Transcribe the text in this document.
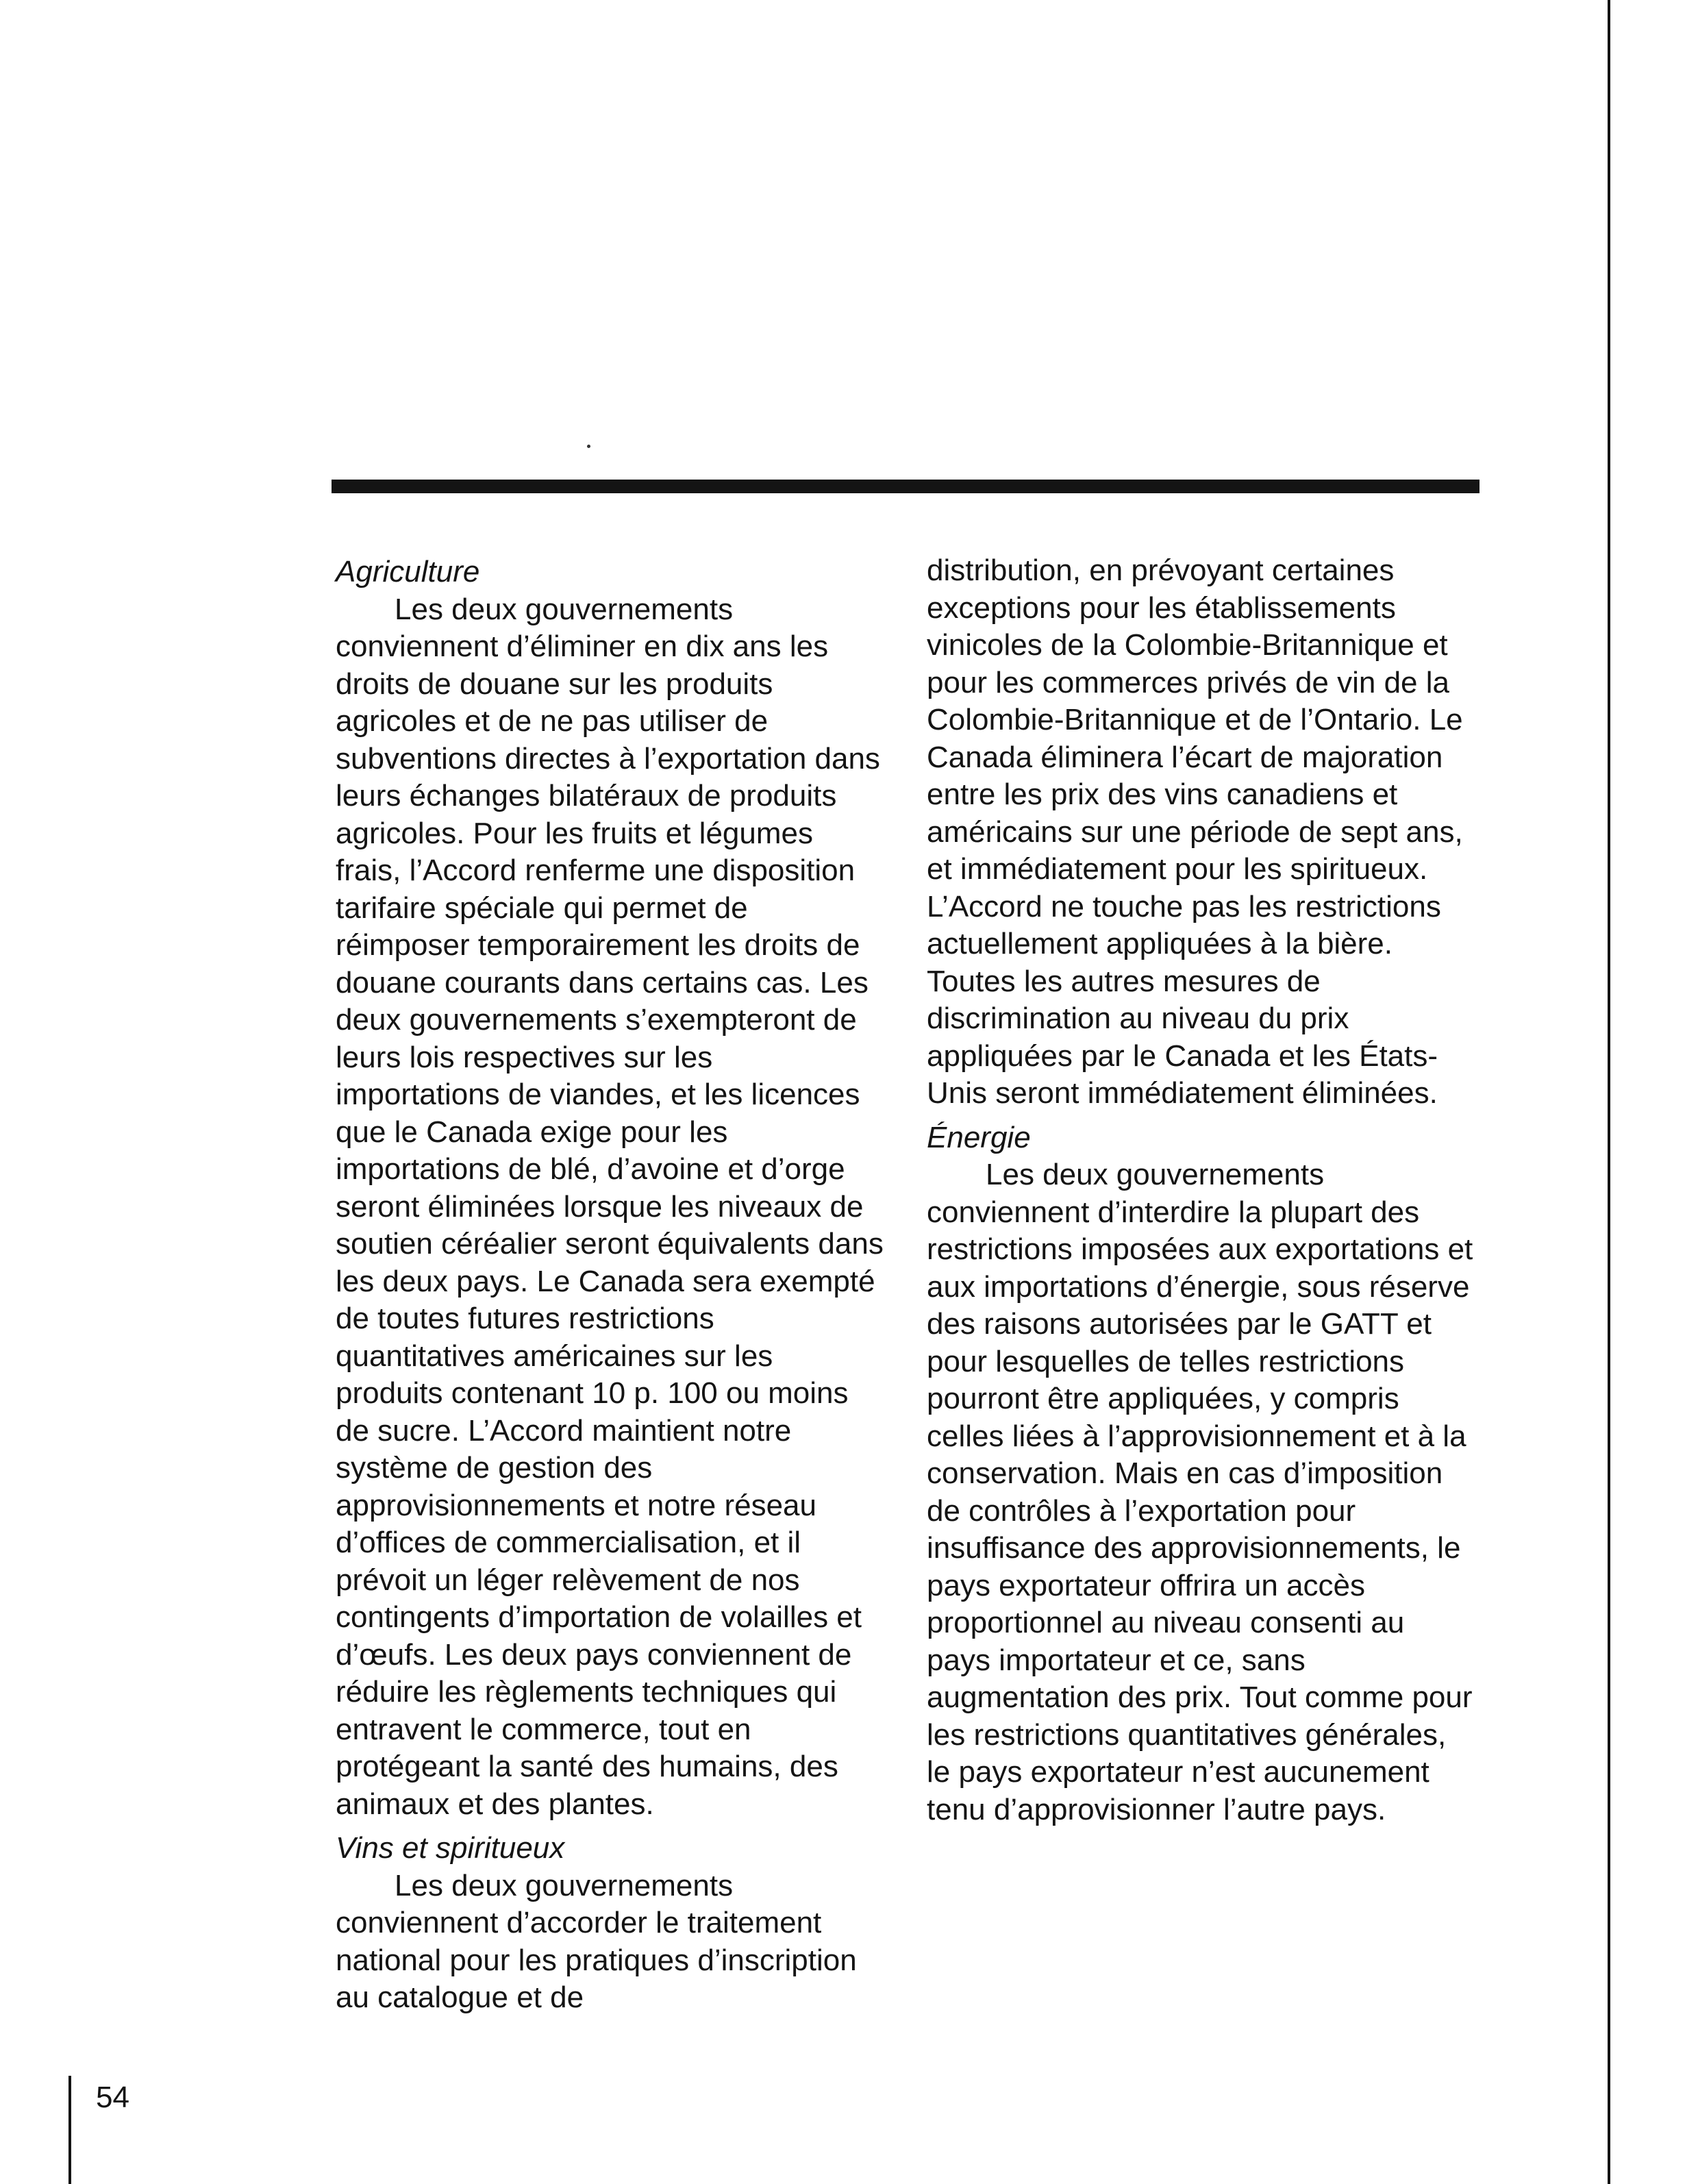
Agriculture

Les deux gouvernements conviennent d’éliminer en dix ans les droits de douane sur les produits agricoles et de ne pas utiliser de subventions directes à l’exportation dans leurs échanges bilatéraux de produits agricoles. Pour les fruits et légumes frais, l’Accord renferme une disposition tarifaire spéciale qui permet de réimposer temporairement les droits de douane courants dans certains cas. Les deux gouvernements s’exempteront de leurs lois respectives sur les importations de viandes, et les licences que le Canada exige pour les importations de blé, d’avoine et d’orge seront éliminées lorsque les niveaux de soutien céréalier seront équivalents dans les deux pays. Le Canada sera exempté de toutes futures restrictions quantitatives américaines sur les produits contenant 10 p. 100 ou moins de sucre. L’Accord maintient notre système de gestion des approvisionnements et notre réseau d’offices de commercialisation, et il prévoit un léger relèvement de nos contingents d’importation de volailles et d’œufs. Les deux pays conviennent de réduire les règlements techniques qui entravent le commerce, tout en protégeant la santé des humains, des animaux et des plantes.

Vins et spiritueux

Les deux gouvernements conviennent d’accorder le traitement national pour les pratiques d’inscription au catalogue et de

distribution, en prévoyant certaines exceptions pour les établissements vinicoles de la Colombie-Britannique et pour les commerces privés de vin de la Colombie-Britannique et de l’Ontario. Le Canada éliminera l’écart de majoration entre les prix des vins canadiens et américains sur une période de sept ans, et immédiatement pour les spiritueux. L’Accord ne touche pas les restrictions actuellement appliquées à la bière. Toutes les autres mesures de discrimination au niveau du prix appliquées par le Canada et les États-Unis seront immédiatement éliminées.

Énergie

Les deux gouvernements conviennent d’interdire la plupart des restrictions imposées aux exportations et aux importations d’énergie, sous réserve des raisons autorisées par le GATT et pour lesquelles de telles restrictions pourront être appliquées, y compris celles liées à l’approvisionnement et à la conservation. Mais en cas d’imposition de contrôles à l’exportation pour insuffisance des approvisionnements, le pays exportateur offrira un accès proportionnel au niveau consenti au pays importateur et ce, sans augmentation des prix. Tout comme pour les restrictions quantitatives générales, le pays exportateur n’est aucunement tenu d’approvisionner l’autre pays.

54
